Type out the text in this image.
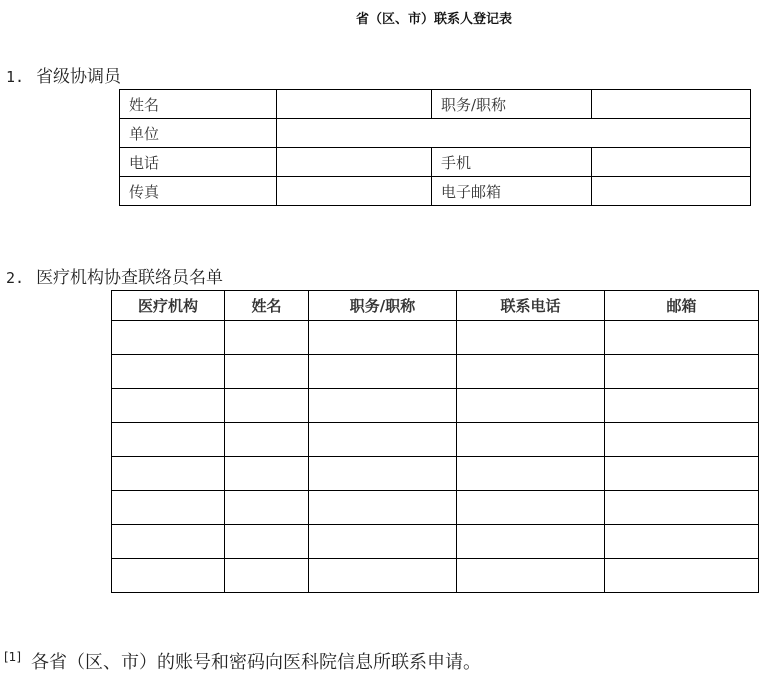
省（区、市）联系人登记表
1. 省级协调员
姓名		职务/职称	
单位			
电话		手机	
传真		电子邮箱	
2. 医疗机构协查联络员名单
医疗机构	姓名	职务/职称	联系电话	邮箱

[1] 各省（区、市）的账号和密码向医科院信息所联系申请。
